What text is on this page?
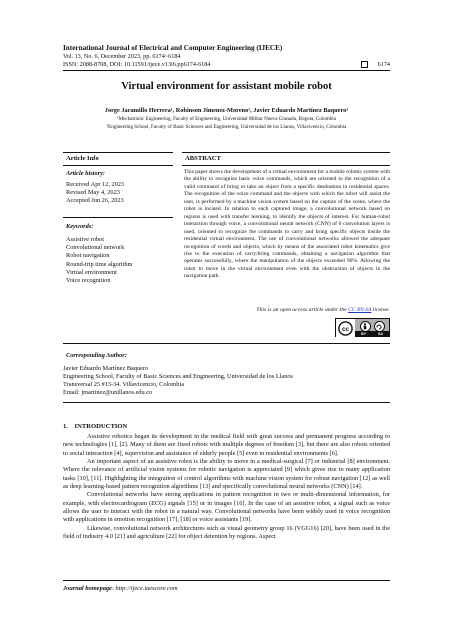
International Journal of Electrical and Computer Engineering (IJECE)
Vol. 13, No. 6, December 2023, pp. 6174~6184
ISSN: 2088-8708, DOI: 10.11591/ijece.v13i6.pp6174-6184	6174
Virtual environment for assistant mobile robot
Jorge Jaramillo Herrera¹, Robinson Jimenez-Moreno¹, Javier Eduardo Martínez Baquero²
¹Mechatronic Engineering, Faculty of Engineering, Universidad Militar Nueva Granada, Bogota, Colombia
²Engineering School, Faculty of Basic Sciences and Engineering, Universidad de los Llanos, Villavicencio, Colombia
Article Info
Article history:
Received Apr 12, 2023
Revised May 4, 2023
Accepted Jun 26, 2023
Keywords:
Assistive robot
Convolutional network
Robot navigation
Round-trip time algorithm
Virtual environment
Voice recognition
ABSTRACT
This paper shows the development of a virtual environment for a mobile robotic system with the ability to recognize basic voice commands, which are oriented to the recognition of a valid command of bring or take an object from a specific destination in residential spaces. The recognition of the voice command and the objects with which the robot will assist the user, is performed by a machine vision system based on the capture of the scene, where the robot is located. In relation to each captured image, a convolutional network based on regions is used with transfer learning, to identify the objects of interest. For human-robot interaction through voice, a convolutional neural network (CNN) of 6 convolution layers is used, oriented to recognize the commands to carry and bring specific objects inside the residential virtual environment. The use of convolutional networks allowed the adequate recognition of words and objects, which by means of the associated robot kinematics give rise to the execution of carry/bring commands, obtaining a navigation algorithm that operates successfully, where the manipulation of the objects exceeded 90%. Allowing the robot to move in the virtual environment even with the obstruction of objects in the navigation path.
This is an open access article under the CC BY-SA license.
cc
BY	SA
Corresponding Author:
Javier Eduardo Martínez Baquero
Engineering School, Faculty of Basic Sciences and Engineering, Universidad de los Llanos
Transversal 25 #13-34. Villavicencio, Colombia
Email: jmartinez@unillanos.edu.co
1.    INTRODUCTION

Assistive robotics began its development in the medical field with great success and permanent progress according to new technologies [1], [2]. Many of them are fixed robots with multiple degrees of freedom [3], but there are also robots oriented to social interaction [4], supervision and assistance of elderly people [5] even in residential environments [6].

An important aspect of an assistive robot is the ability to move in a medical-surgical [7] or industrial [8] environment. Where the relevance of artificial vision systems for robotic navigation is appreciated [9] which gives rise to many application tasks [10], [11]. Highlighting the integration of control algorithms with machine vision system for robust navigation [12] as well as deep learning-based pattern recognition algorithms [13] and specifically convolutional neural networks (CNN) [14].

Convolutional networks have strong applications in pattern recognition in two or multi-dimensional information, for example, with electrocardiogram (ECG) signals [15] or in images [16]. In the case of an assistive robot, a signal such as voice allows the user to interact with the robot in a natural way. Convolutional networks have been widely used in voice recognition with applications in emotion recognition [17], [18] or voice assistants [19].

Likewise, convolutional network architectures such as visual geometry group 16 (VGG16) [20], have been used in the field of industry 4.0 [21] and agriculture [22] for object detention by regions. Aspect

Journal homepage: http://ijece.iaescore.com
